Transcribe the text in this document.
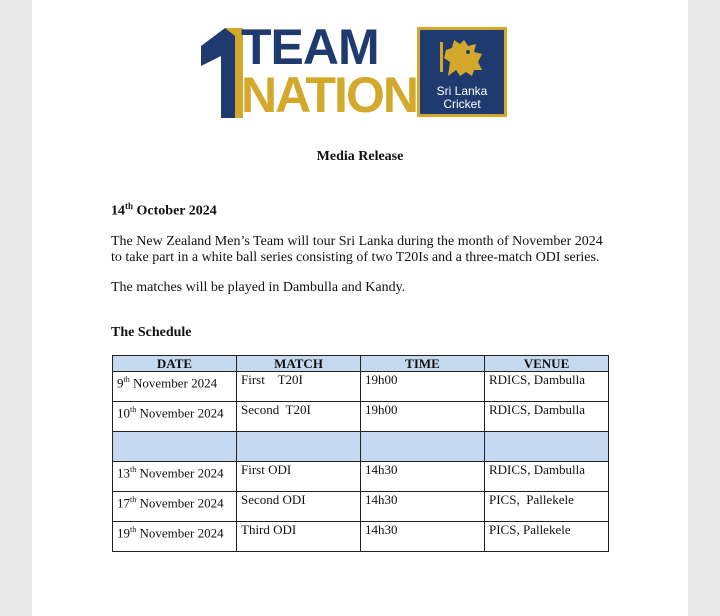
TEAM
NATION	Sri Lanka
Cricket
Media Release
14th October 2024
The New Zealand Men’s Team will tour Sri Lanka during the month of November 2024 to take part in a white ball series consisting of two T20Is and a three-match ODI series.
The matches will be played in Dambulla and Kandy.
The Schedule
DATE	MATCH	TIME	VENUE
9th November 2024	First    T20I	19h00	RDICS, Dambulla
10th November 2024	Second  T20I	19h00	RDICS, Dambulla

13th November 2024	First ODI	14h30	RDICS, Dambulla
17th November 2024	Second ODI	14h30	PICS,  Pallekele
19th November 2024	Third ODI	14h30	PICS, Pallekele
